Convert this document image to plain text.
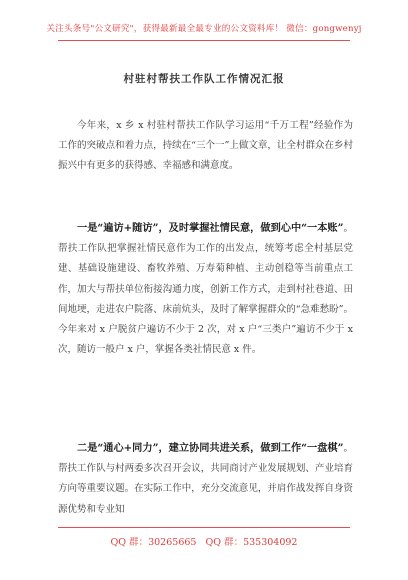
关注头条号"公文研究"，获得最新最全最专业的公文资料库！ 微信：gongwenyj
村驻村帮扶工作队工作情况汇报

今年来，x 乡 x 村驻村帮扶工作队学习运用“千万工程”经验作为工作的突破点和着力点，持续在“三个一”上做文章，让全村群众在乡村振兴中有更多的获得感、幸福感和满意度。

一是“遍访+随访”，及时掌握社情民意，做到心中“一本账”。帮扶工作队把掌握社情民意作为工作的出发点，统筹考虑全村基层党建、基础设施建设、畜牧养殖、万寿菊种植、主动创稳等当前重点工作，加大与帮扶单位衔接沟通力度，创新工作方式，走到村社巷道、田间地埂，走进农户院落、床前炕头，及时了解掌握群众的“急难愁盼”。今年来对 x 户脱贫户遍访不少于 2 次，对 x 户“三类户”遍访不少于 x 次，随访一般户 x 户，掌握各类社情民意 x 件。

二是“通心+同力”，建立协同共进关系，做到工作“一盘棋”。帮扶工作队与村两委多次召开会议，共同商讨产业发展规划、产业培育方向等重要议题。在实际工作中，充分交流意见，并肩作战发挥自身资源优势和专业知

QQ 群：30265665 QQ 群：535304092
